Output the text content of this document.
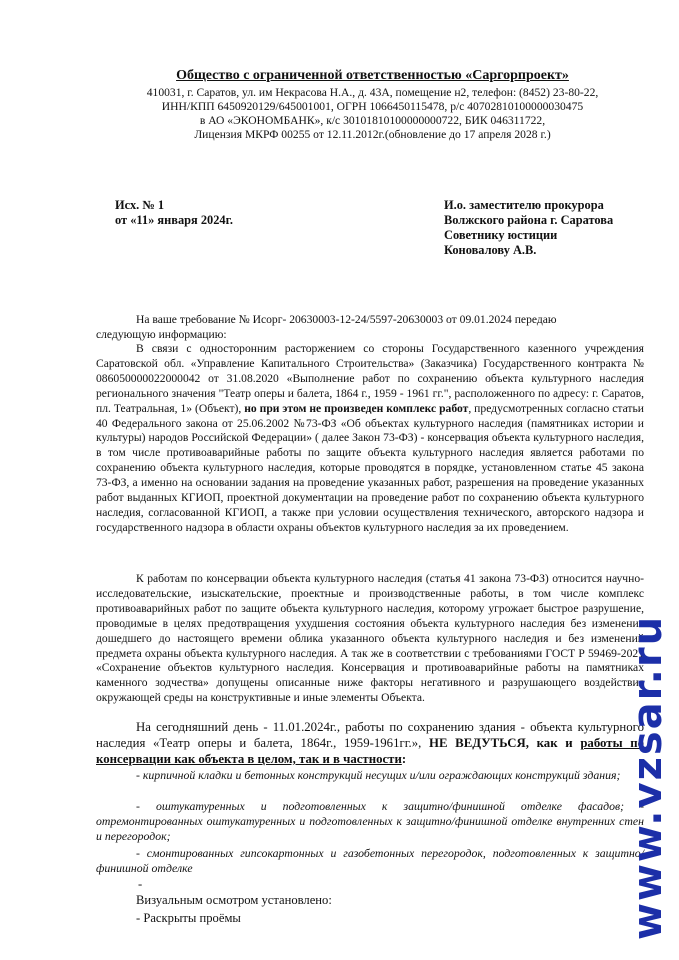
Общество с ограниченной ответственностью «Саргорпроект»
410031, г. Саратов, ул. им Некрасова Н.А., д. 43А, помещение н2, телефон: (8452) 23-80-22,
ИНН/КПП 6450920129/645001001, ОГРН 1066450115478, р/с 40702810100000030475
в АО «ЭКОНОМБАНК», к/с 30101810100000000722, БИК 046311722,
Лицензия МКРФ 00255 от 12.11.2012г.(обновление до 17 апреля 2028 г.)
Исх. № 1
от «11» января 2024г.
И.о. заместителю прокурора
Волжского района г. Саратова
Советнику юстиции
Коновалову А.В.

На ваше требование № Исорг- 20630003-12-24/5597-20630003 от 09.01.2024 передаю

следующую информацию:

В связи с односторонним расторжением со стороны Государственного казенного учреждения Саратовской обл. «Управление Капитального Строительства» (Заказчика) Государственного контракта № 086050000022000042 от 31.08.2020 «Выполнение работ по сохранению объекта культурного наследия регионального значения "Театр оперы и балета, 1864 г., 1959 - 1961 гг.", расположенного по адресу: г. Саратов, пл. Театральная, 1» (Объект), но при этом не произведен комплекс работ, предусмотренных согласно статьи 40 Федерального закона от 25.06.2002 №73-ФЗ «Об объектах культурного наследия (памятниках истории и культуры) народов Российской Федерации» ( далее Закон 73-ФЗ) - консервация объекта культурного наследия, в том числе противоаварийные работы по защите объекта культурного наследия является работами по сохранению объекта культурного наследия, которые проводятся в порядке, установленном статье 45 закона 73-ФЗ, а именно на основании задания на проведение указанных работ, разрешения на проведение указанных работ выданных КГИОП, проектной документации на проведение работ по сохранению объекта культурного наследия, согласованной КГИОП, а также при условии осуществления технического, авторского надзора и государственного надзора в области охраны объектов культурного наследия за их проведением.

К работам по консервации объекта культурного наследия (статья 41 закона 73-ФЗ) относится научно-исследовательские, изыскательские, проектные и производственные работы, в том числе комплекс противоаварийных работ по защите объекта культурного наследия, которому угрожает быстрое разрушение, проводимые в целях предотвращения ухудшения состояния объекта культурного наследия без изменения дошедшего до настоящего времени облика указанного объекта культурного наследия и без изменений предмета охраны объекта культурного наследия. А так же в соответствии с требованиями ГОСТ Р 59469-2021 «Сохранение объектов культурного наследия. Консервация и противоаварийные работы на памятниках каменного зодчества» допущены описанные ниже факторы негативного и разрушающего воздействия окружающей среды на конструктивные и иные элементы Объекта.

На сегодняшний день - 11.01.2024г., работы по сохранению здания - объекта культурного наследия «Театр оперы и балета, 1864г., 1959-1961гг.», НЕ ВЕДУТЬСЯ, как и работы по консервации как объекта в целом, так и в частности:

- кирпичной кладки и бетонных конструкций несущих и/или ограждающих конструкций здания;
- оштукатуренных и подготовленных к защитно/финишной отделке фасадов; - отремонтированных оштукатуренных и подготовленных к защитно/финишной отделке внутренних стен и перегородок;
- смонтированных гипсокартонных и газобетонных перегородок, подготовленных к защитно/финишной отделке
-
Визуальным осмотром установлено:
- Раскрыты проёмы	www.vzsar.ru
